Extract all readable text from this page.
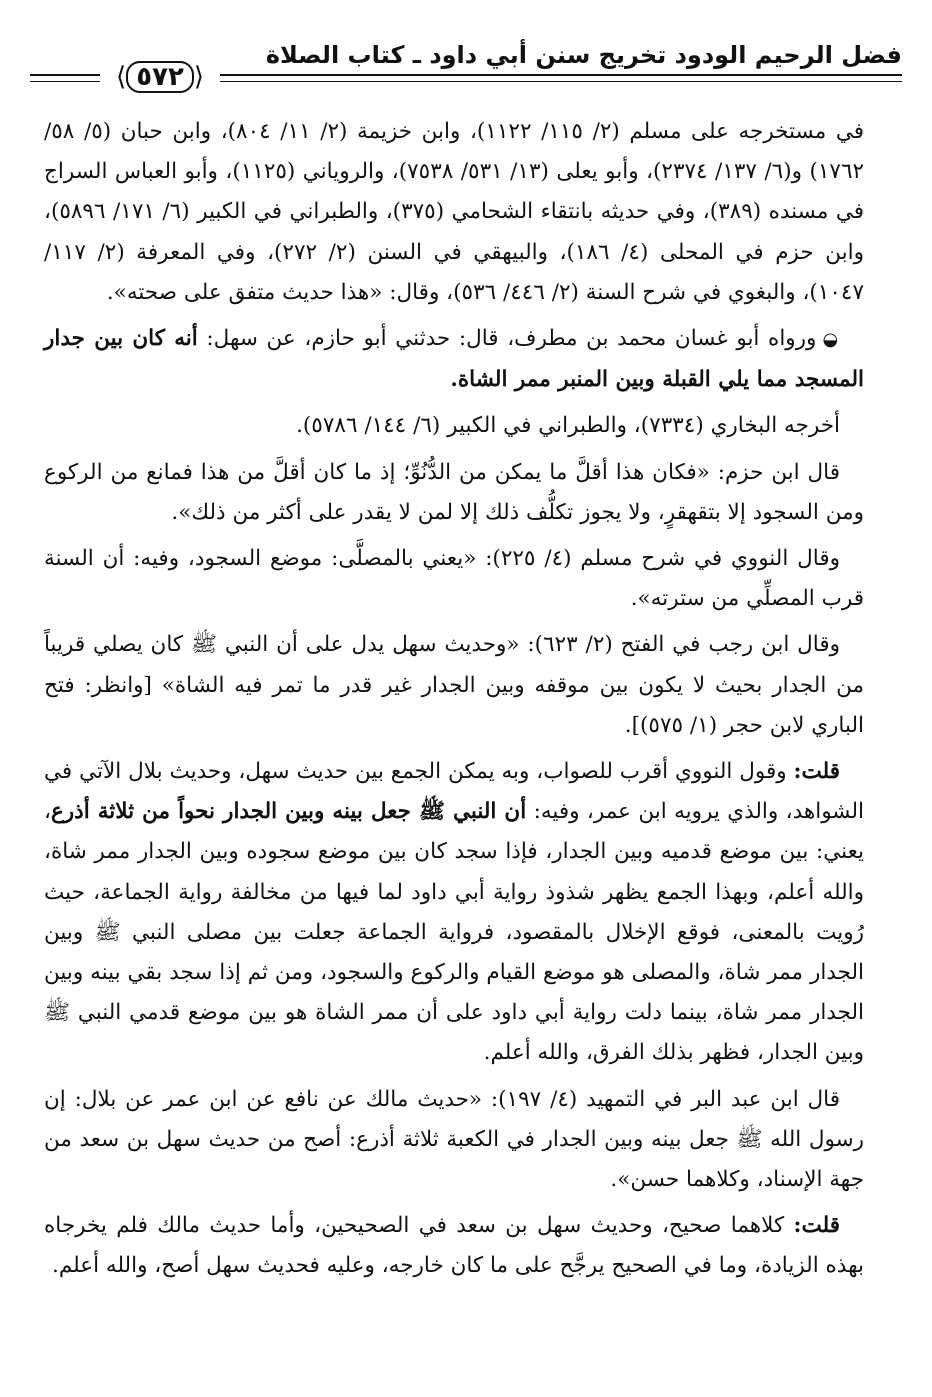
فضل الرحيم الودود تخريج سنن أبي داود ـ كتاب الصلاة
⟨
٥٧٢
⟩

في مستخرجه على مسلم (٢/ ١١٥/ ١١٢٢)، وابن خزيمة (٢/ ١١/ ٨٠٤)، وابن حبان (٥/ ٥٨/ ١٧٦٢) و(٦/ ١٣٧/ ٢٣٧٤)، وأبو يعلى (١٣/ ٥٣١/ ٧٥٣٨)، والروياني (١١٢٥)، وأبو العباس السراج في مسنده (٣٨٩)، وفي حديثه بانتقاء الشحامي (٣٧٥)، والطبراني في الكبير (٦/ ١٧١/ ٥٨٩٦)، وابن حزم في المحلى (٤/ ١٨٦)، والبيهقي في السنن (٢/ ٢٧٢)، وفي المعرفة (٢/ ١١٧/ ١٠٤٧)، والبغوي في شرح السنة (٢/ ٤٤٦/ ٥٣٦)، وقال: «هذا حديث متفق على صحته».

◒ورواه أبو غسان محمد بن مطرف، قال: حدثني أبو حازم، عن سهل: أنه كان بين جدار المسجد مما يلي القبلة وبين المنبر ممر الشاة.

أخرجه البخاري (٧٣٣٤)، والطبراني في الكبير (٦/ ١٤٤/ ٥٧٨٦).

قال ابن حزم: «فكان هذا أقلَّ ما يمكن من الدُّنُوِّ؛ إذ ما كان أقلَّ من هذا فمانع من الركوع ومن السجود إلا بتقهقرٍ، ولا يجوز تكلُّف ذلك إلا لمن لا يقدر على أكثر من ذلك».

وقال النووي في شرح مسلم (٤/ ٢٢٥): «يعني بالمصلَّى: موضع السجود، وفيه: أن السنة قرب المصلِّي من سترته».

وقال ابن رجب في الفتح (٢/ ٦٢٣): «وحديث سهل يدل على أن النبي ﷺ كان يصلي قريباً من الجدار بحيث لا يكون بين موقفه وبين الجدار غير قدر ما تمر فيه الشاة» [وانظر: فتح الباري لابن حجر (١/ ٥٧٥)].

قلت: وقول النووي أقرب للصواب، وبه يمكن الجمع بين حديث سهل، وحديث بلال الآتي في الشواهد، والذي يرويه ابن عمر، وفيه: أن النبي ﷺ جعل بينه وبين الجدار نحواً من ثلاثة أذرع، يعني: بين موضع قدميه وبين الجدار، فإذا سجد كان بين موضع سجوده وبين الجدار ممر شاة، والله أعلم، وبهذا الجمع يظهر شذوذ رواية أبي داود لما فيها من مخالفة رواية الجماعة، حيث رُويت بالمعنى، فوقع الإخلال بالمقصود، فرواية الجماعة جعلت بين مصلى النبي ﷺ وبين الجدار ممر شاة، والمصلى هو موضع القيام والركوع والسجود، ومن ثم إذا سجد بقي بينه وبين الجدار ممر شاة، بينما دلت رواية أبي داود على أن ممر الشاة هو بين موضع قدمي النبي ﷺ وبين الجدار، فظهر بذلك الفرق، والله أعلم.

قال ابن عبد البر في التمهيد (٤/ ١٩٧): «حديث مالك عن نافع عن ابن عمر عن بلال: إن رسول الله ﷺ جعل بينه وبين الجدار في الكعبة ثلاثة أذرع: أصح من حديث سهل بن سعد من جهة الإسناد، وكلاهما حسن».

قلت: كلاهما صحيح، وحديث سهل بن سعد في الصحيحين، وأما حديث مالك فلم يخرجاه بهذه الزيادة، وما في الصحيح يرجَّح على ما كان خارجه، وعليه فحديث سهل أصح، والله أعلم.
